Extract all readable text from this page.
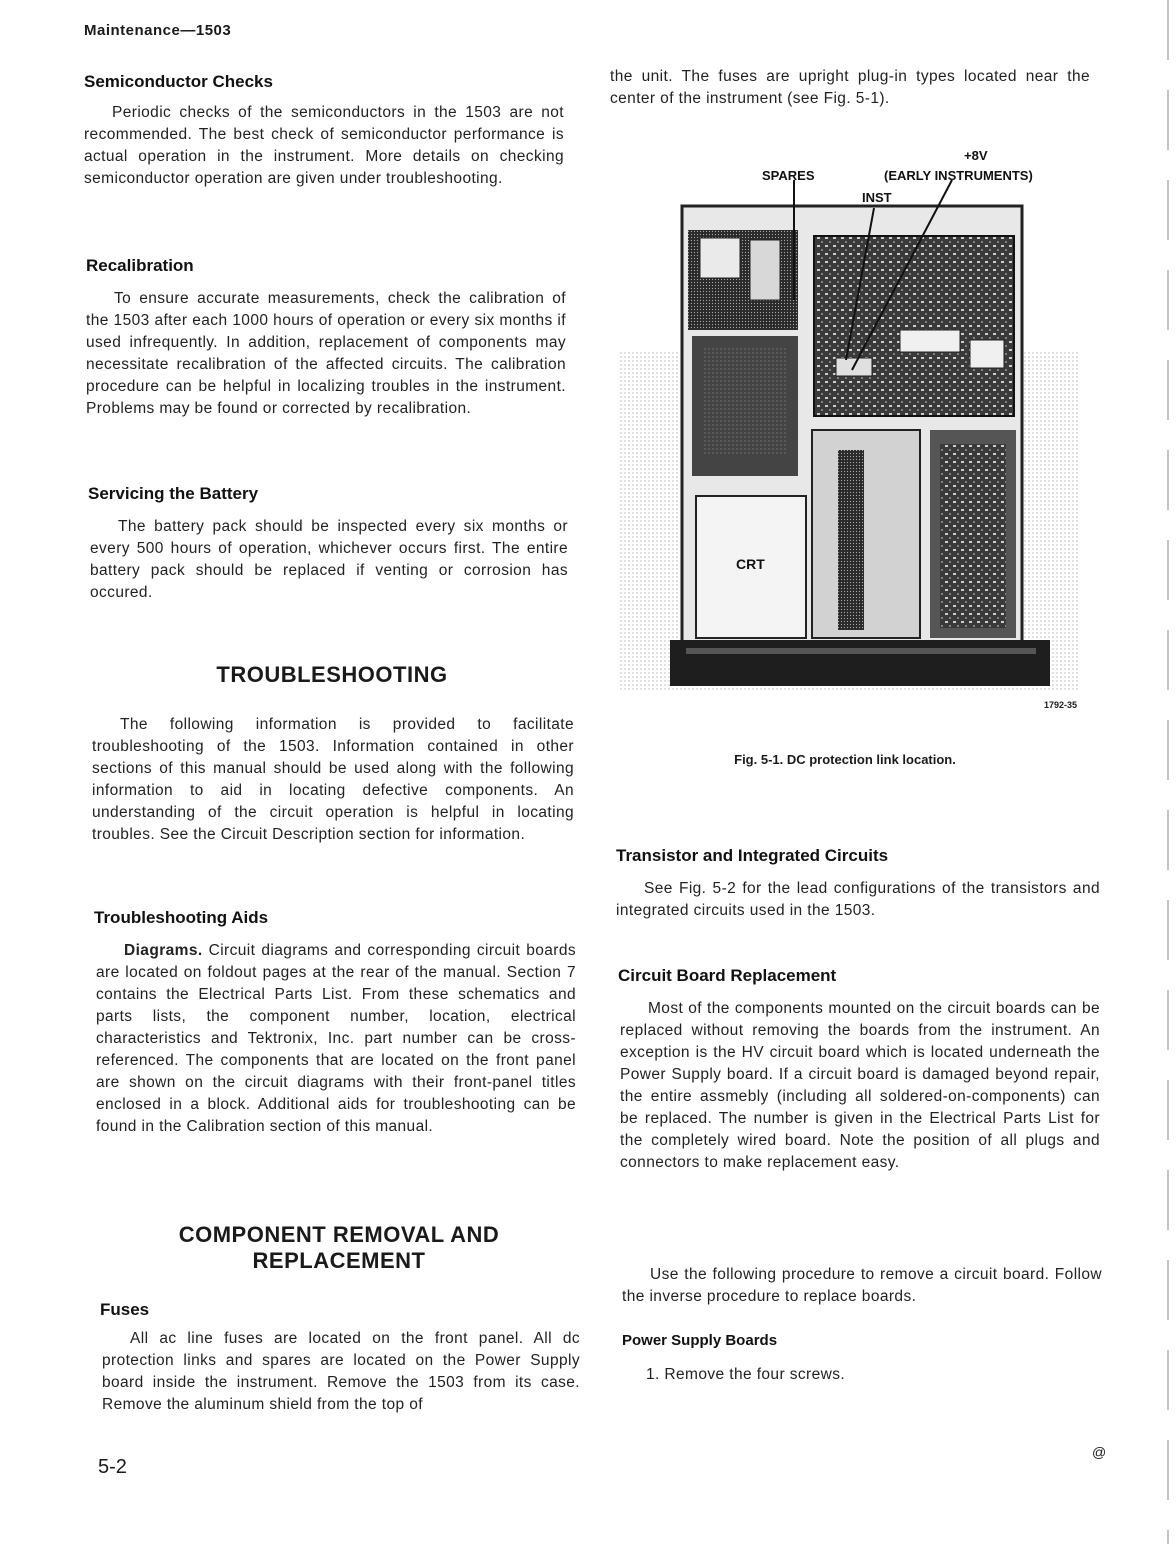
Maintenance—1503
Semiconductor Checks

Periodic checks of the semiconductors in the 1503 are not recommended. The best check of semiconductor performance is actual operation in the instrument. More details on checking semiconductor operation are given under troubleshooting.

Recalibration

To ensure accurate measurements, check the calibration of the 1503 after each 1000 hours of operation or every six months if used infrequently. In addition, replacement of components may necessitate recalibration of the affected circuits. The calibration procedure can be helpful in localizing troubles in the instrument. Problems may be found or corrected by recalibration.

Servicing the Battery

The battery pack should be inspected every six months or every 500 hours of operation, whichever occurs first. The entire battery pack should be replaced if venting or corrosion has occured.

TROUBLESHOOTING

The following information is provided to facilitate troubleshooting of the 1503. Information contained in other sections of this manual should be used along with the following information to aid in locating defective components. An understanding of the circuit operation is helpful in locating troubles. See the Circuit Description section for information.

Troubleshooting Aids

Diagrams. Circuit diagrams and corresponding circuit boards are located on foldout pages at the rear of the manual. Section 7 contains the Electrical Parts List. From these schematics and parts lists, the component number, location, electrical characteristics and Tektronix, Inc. part number can be cross-referenced. The components that are located on the front panel are shown on the circuit diagrams with their front-panel titles enclosed in a block. Additional aids for troubleshooting can be found in the Calibration section of this manual.

COMPONENT REMOVAL AND
REPLACEMENT
Fuses

All ac line fuses are located on the front panel. All dc protection links and spares are located on the Power Supply board inside the instrument. Remove the 1503 from its case. Remove the aluminum shield from the top of

the unit. The fuses are upright plug-in types located near the center of the instrument (see Fig. 5-1).

SPARES
+8V
(EARLY INSTRUMENTS)
INST
CRT
1792-35
Fig. 5-1. DC protection link location.
Transistor and Integrated Circuits

See Fig. 5-2 for the lead configurations of the transistors and integrated circuits used in the 1503.

Circuit Board Replacement

Most of the components mounted on the circuit boards can be replaced without removing the boards from the instrument. An exception is the HV circuit board which is located underneath the Power Supply board. If a circuit board is damaged beyond repair, the entire assmebly (including all soldered-on-components) can be replaced. The number is given in the Electrical Parts List for the completely wired board. Note the position of all plugs and connectors to make replacement easy.

Use the following procedure to remove a circuit board. Follow the inverse procedure to replace boards.

Power Supply Boards
1. Remove the four screws.
5-2
@
